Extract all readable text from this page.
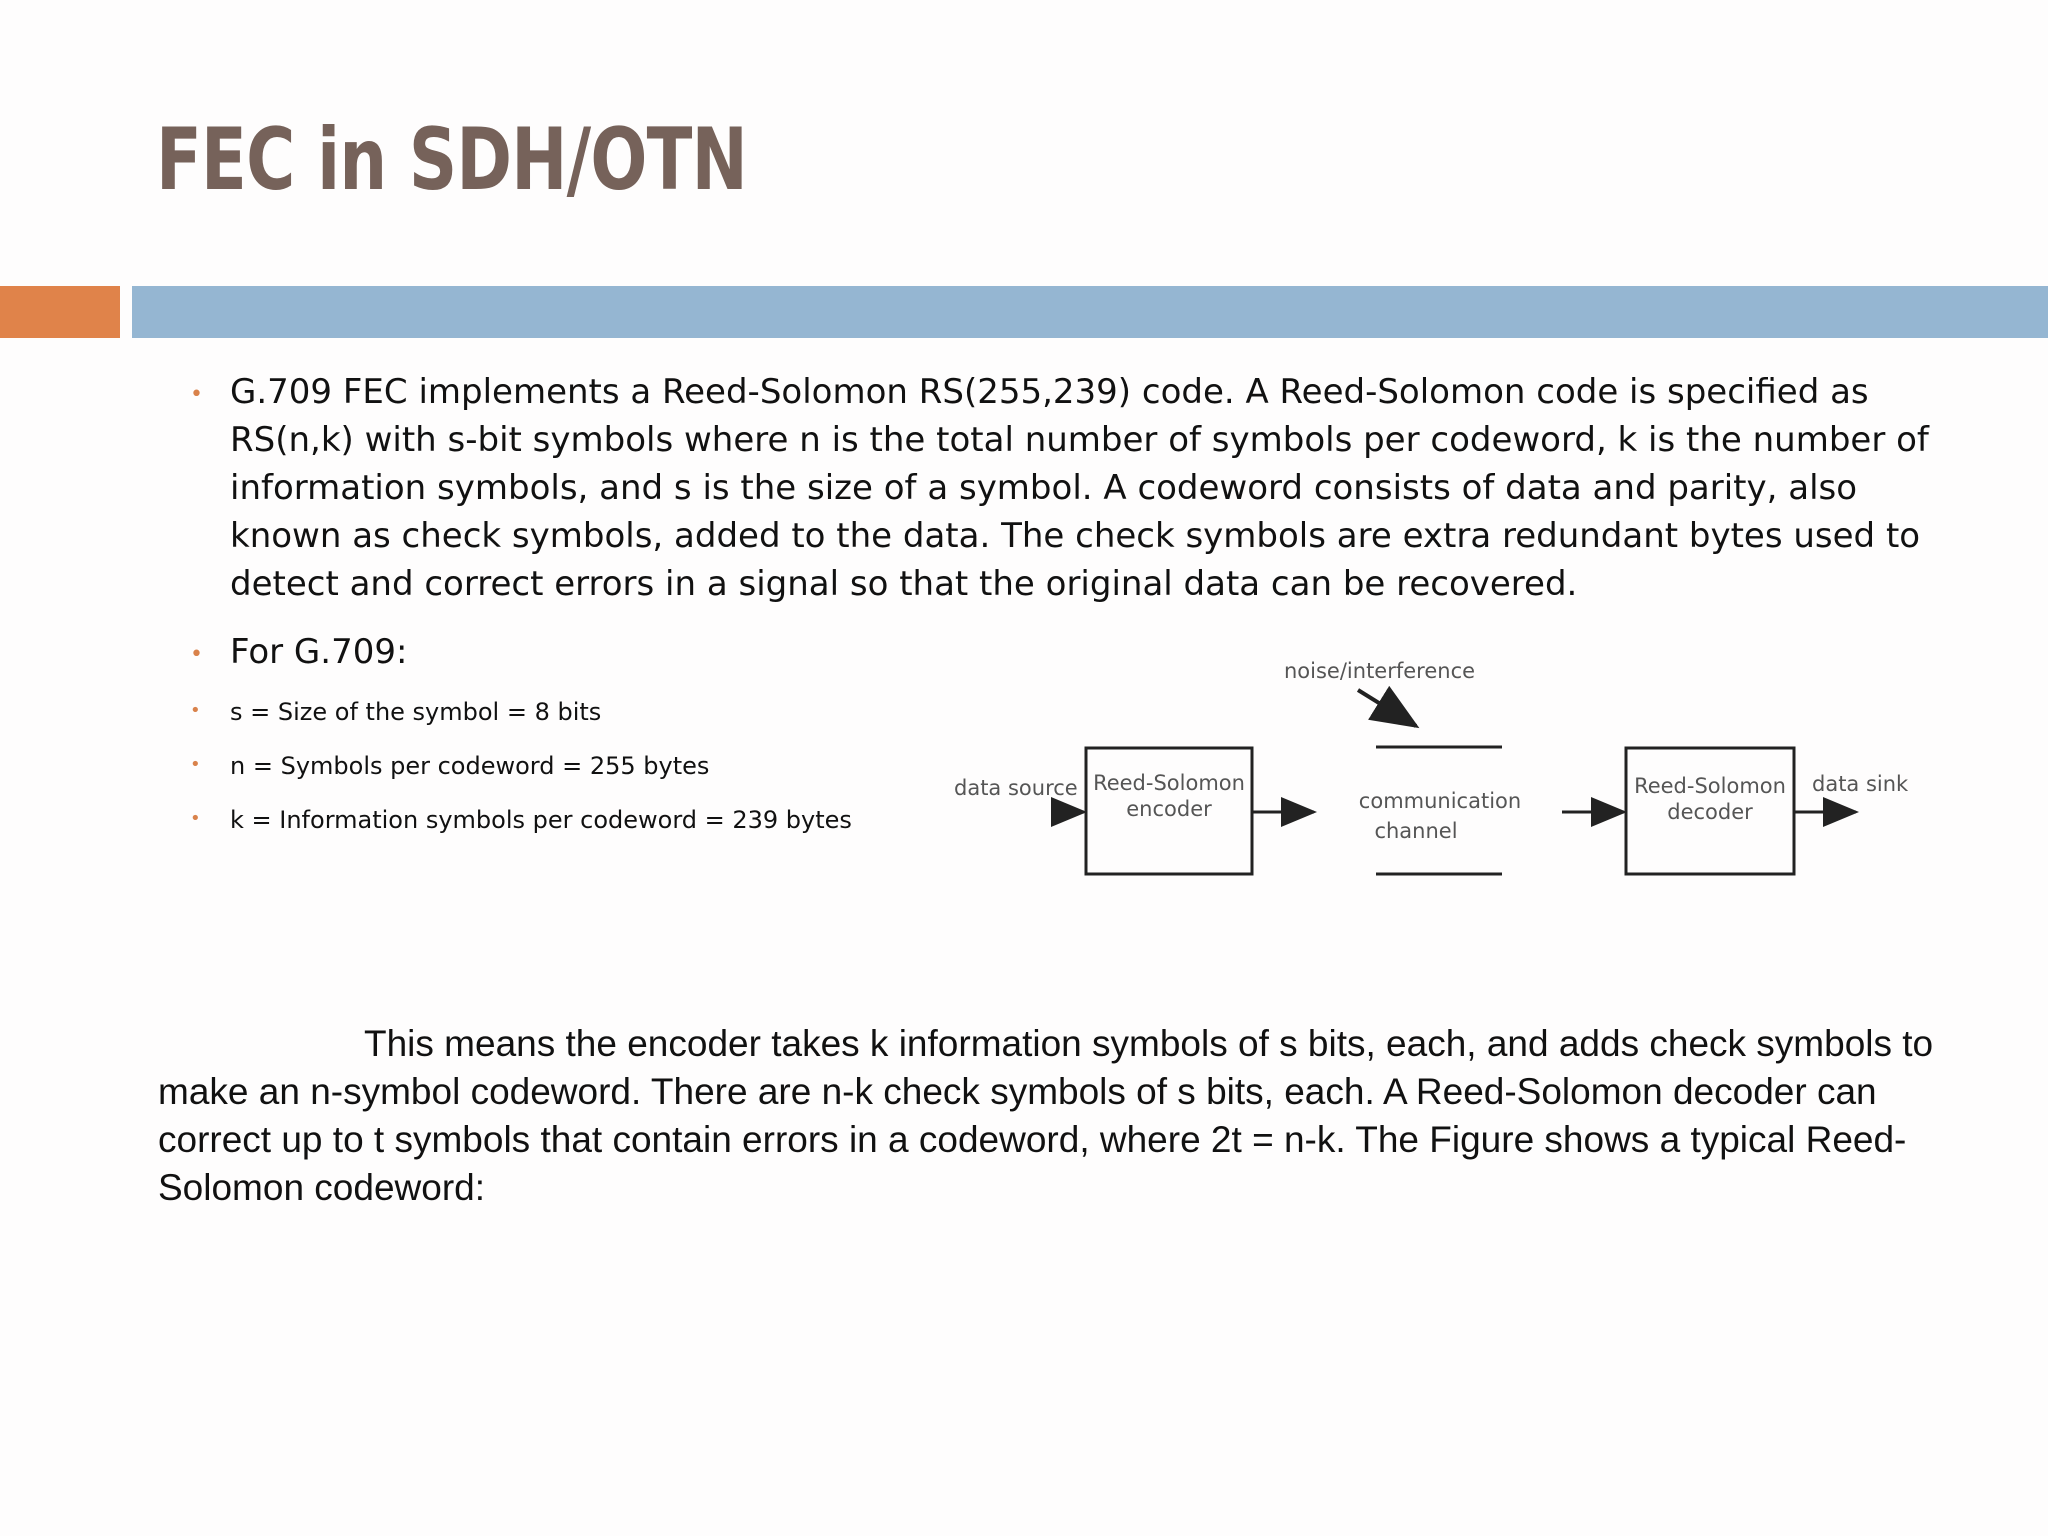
FEC in SDH/OTN
• G.709 FEC implements a Reed-Solomon RS(255,239) code. A Reed-Solomon code is specified as RS(n,k) with s-bit symbols where n is the total number of symbols per codeword, k is the number of information symbols, and s is the size of a symbol. A codeword consists of data and parity, also known as check symbols, added to the data. The check symbols are extra redundant bytes used to detect and correct errors in a signal so that the original data can be recovered.
• For G.709:
• s = Size of the symbol = 8 bits
• n = Symbols per codeword = 255 bytes
• k = Information symbols per codeword = 239 bytes
noise/interference
data source Reed-Solomon
encoder	communication
channel
Reed-Solomon
decoder
data sink
This means the encoder takes k information symbols of s bits, each, and adds check symbols to make an n-symbol codeword. There are n-k check symbols of s bits, each. A Reed-Solomon decoder can correct up to t symbols that contain errors in a codeword, where 2t = n-k. The Figure shows a typical Reed-Solomon codeword:
